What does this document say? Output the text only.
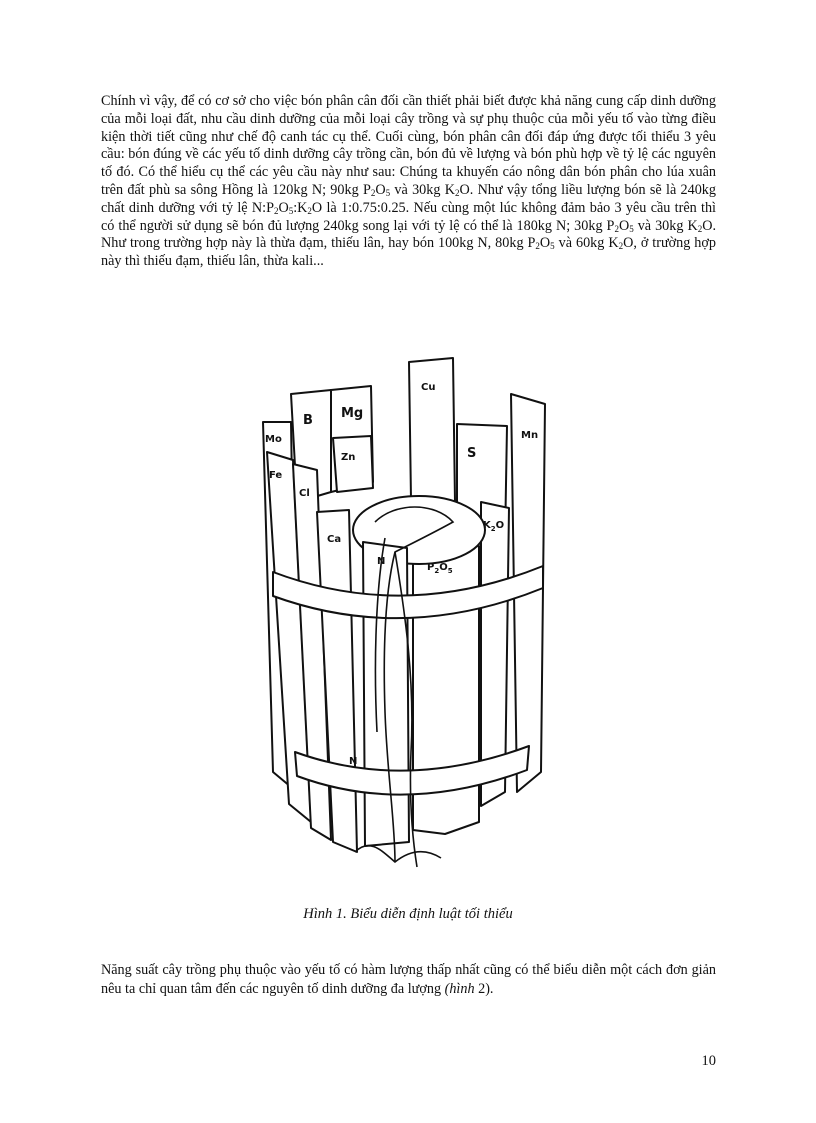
Chính vì vậy, để có cơ sở cho việc bón phân cân đối cần thiết phải biết được khả năng cung cấp dinh dưỡng của mỗi loại đất, nhu cầu dinh dưỡng của mỗi loại cây trồng và sự phụ thuộc của mỗi yếu tố vào từng điều kiện thời tiết cũng như chế độ canh tác cụ thể. Cuối cùng, bón phân cân đối đáp ứng được tối thiểu 3 yêu cầu: bón đúng về các yếu tố dinh dưỡng cây trồng cần, bón đủ về lượng và bón phù hợp về tỷ lệ các nguyên tố đó. Có thể hiểu cụ thể các yêu cầu này như sau: Chúng ta khuyến cáo nông dân bón phân cho lúa xuân trên đất phù sa sông Hồng là 120kg N; 90kg $P_2O_5$ và 30kg $K_2O$. Như vậy tổng liều lượng bón sẽ là 240kg chất dinh dưỡng với tỷ lệ $N:P_2O_5:K_2O$ là 1:0.75:0.25. Nếu cùng một lúc không đảm bảo 3 yêu cầu trên thì có thể người sử dụng sẽ bón đủ lượng 240kg song lại với tỷ lệ có thể là 180kg N; 30kg $P_2O_5$ và 30kg $K_2O$. Như trong trường hợp này là thừa đạm, thiếu lân, hay bón 100kg N, 80kg $P_2O_5$ và 60kg $K_2O$, ở trường hợp này thì thiếu đạm, thiếu lân, thừa kali...

Mo
B Mg
Cu
Fe
Cl
Zn	S
Mn
Ca
N
$K_2O$
$P_2O_5$
N

Hình 1. Biểu diễn định luật tối thiểu

Năng suất cây trồng phụ thuộc vào yếu tố có hàm lượng thấp nhất cũng có thể biểu diễn một cách đơn giản nêu ta chỉ quan tâm đến các nguyên tố dinh dưỡng đa lượng (hình 2).

10
